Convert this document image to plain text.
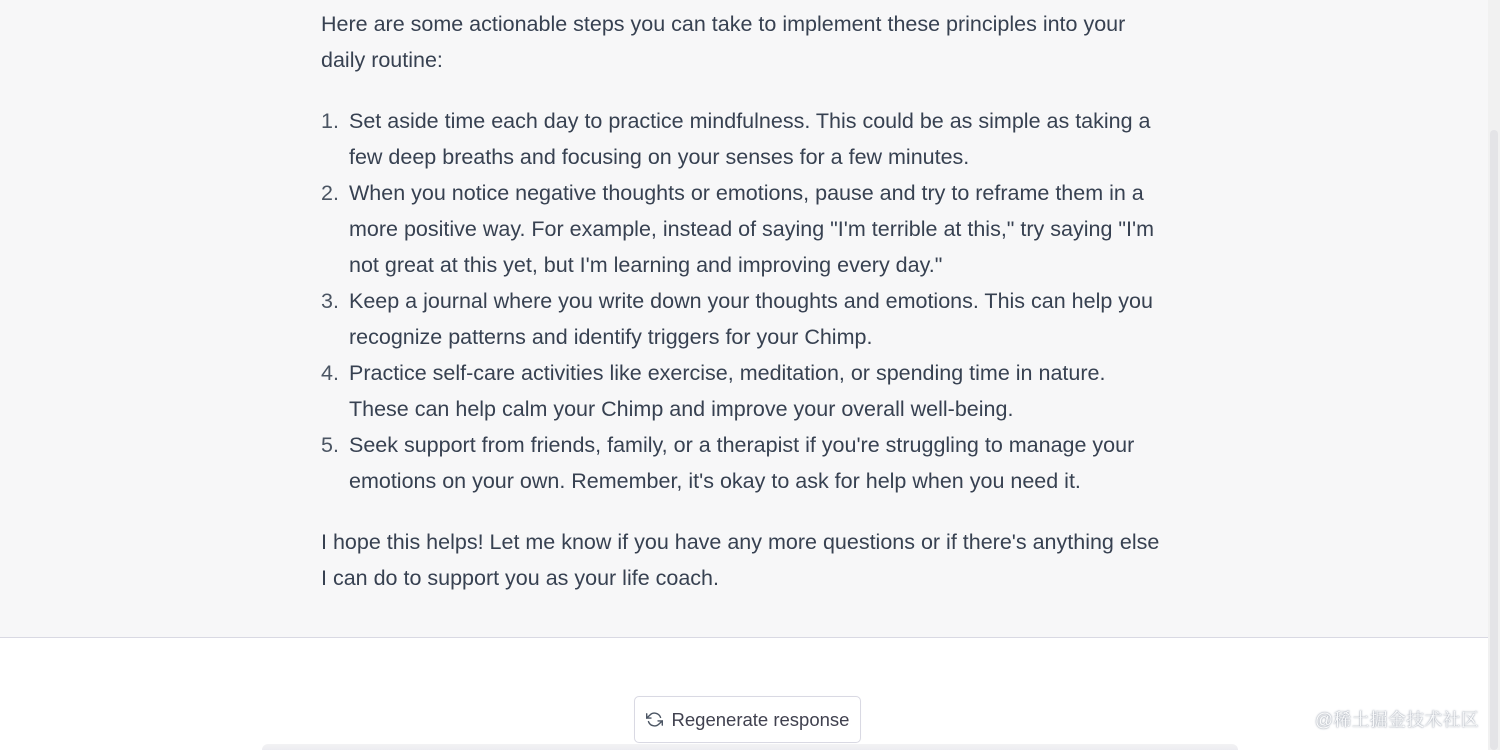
Here are some actionable steps you can take to implement these principles into your daily routine:

1. Set aside time each day to practice mindfulness. This could be as simple as taking a few deep breaths and focusing on your senses for a few minutes.
2. When you notice negative thoughts or emotions, pause and try to reframe them in a more positive way. For example, instead of saying "I'm terrible at this," try saying "I'm not great at this yet, but I'm learning and improving every day."
3. Keep a journal where you write down your thoughts and emotions. This can help you recognize patterns and identify triggers for your Chimp.
4. Practice self-care activities like exercise, meditation, or spending time in nature. These can help calm your Chimp and improve your overall well-being.
5. Seek support from friends, family, or a therapist if you're struggling to manage your emotions on your own. Remember, it's okay to ask for help when you need it.

I hope this helps! Let me know if you have any more questions or if there's anything else I can do to support you as your life coach.

Regenerate response	@稀土掘金技术社区
